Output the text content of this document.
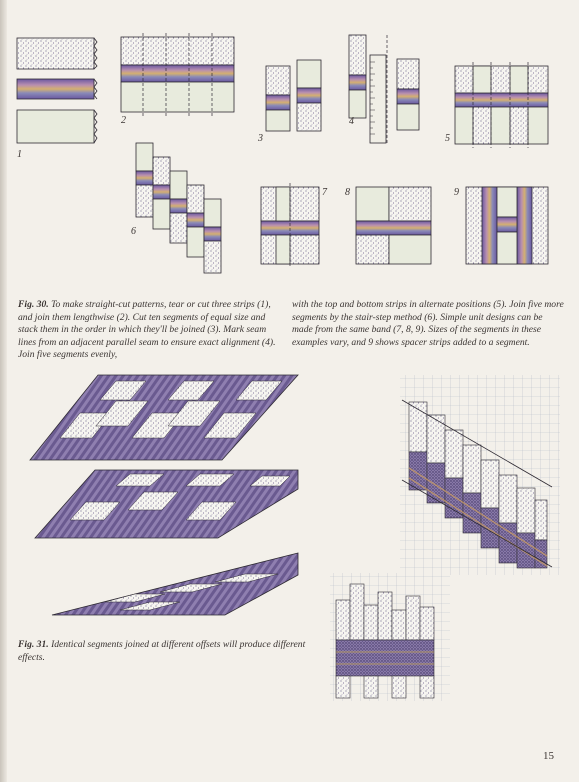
1
2
3
4
5
6
7 8	9

Fig. 30. To make straight-cut patterns, tear or cut three strips (1), and join them lengthwise (2). Cut ten segments of equal size and stack them in the order in which they'll be joined (3). Mark seam lines from an adjacent parallel seam to ensure exact alignment (4). Join five segments evenly,

with the top and bottom strips in alternate positions (5). Join five more segments by the stair-step method (6). Simple unit designs can be made from the same band (7, 8, 9). Sizes of the segments in these examples vary, and 9 shows spacer strips added to a segment.

Fig. 31. Identical segments joined at different offsets will produce different effects.

15
